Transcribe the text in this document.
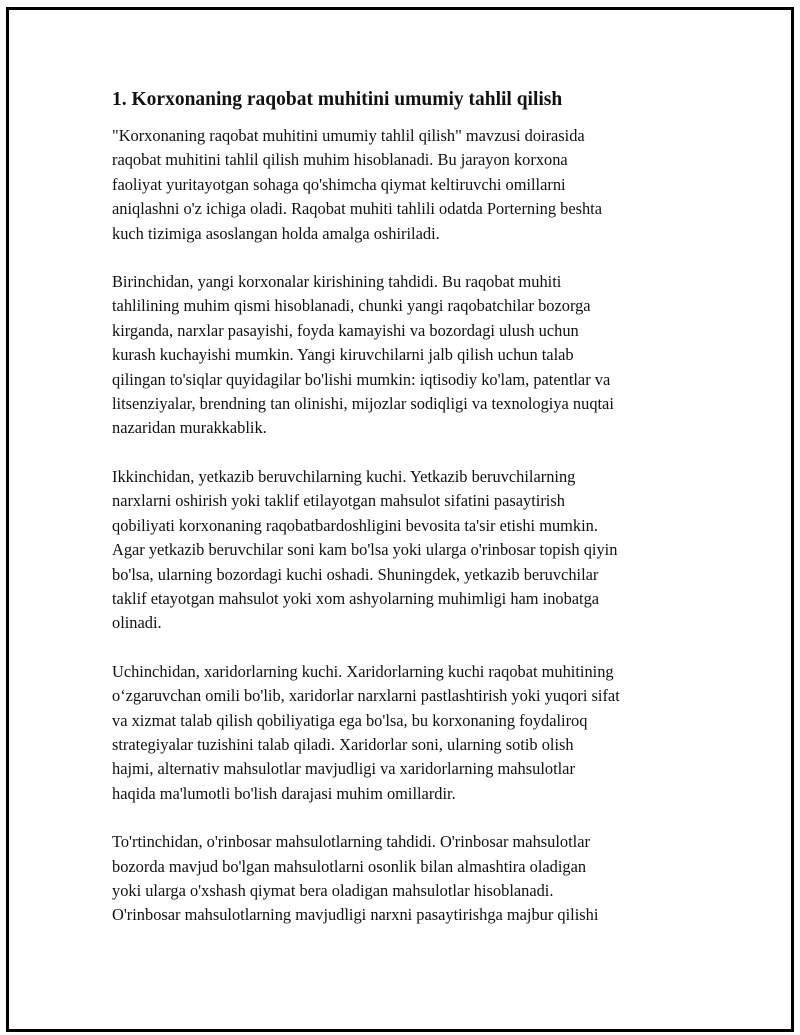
1. Korxonaning raqobat muhitini umumiy tahlil qilish
"Korxonaning raqobat muhitini umumiy tahlil qilish" mavzusi doirasida
raqobat muhitini tahlil qilish muhim hisoblanadi. Bu jarayon korxona
faoliyat yuritayotgan sohaga qo'shimcha qiymat keltiruvchi omillarni
aniqlashni o'z ichiga oladi. Raqobat muhiti tahlili odatda Porterning beshta
kuch tizimiga asoslangan holda amalga oshiriladi.
Birinchidan, yangi korxonalar kirishining tahdidi. Bu raqobat muhiti
tahlilining muhim qismi hisoblanadi, chunki yangi raqobatchilar bozorga
kirganda, narxlar pasayishi, foyda kamayishi va bozordagi ulush uchun
kurash kuchayishi mumkin. Yangi kiruvchilarni jalb qilish uchun talab
qilingan to'siqlar quyidagilar bo'lishi mumkin: iqtisodiy ko'lam, patentlar va
litsenziyalar, brendning tan olinishi, mijozlar sodiqligi va texnologiya nuqtai
nazaridan murakkablik.
Ikkinchidan, yetkazib beruvchilarning kuchi. Yetkazib beruvchilarning
narxlarni oshirish yoki taklif etilayotgan mahsulot sifatini pasaytirish
qobiliyati korxonaning raqobatbardoshligini bevosita ta'sir etishi mumkin.
Agar yetkazib beruvchilar soni kam bo'lsa yoki ularga o'rinbosar topish qiyin
bo'lsa, ularning bozordagi kuchi oshadi. Shuningdek, yetkazib beruvchilar
taklif etayotgan mahsulot yoki xom ashyolarning muhimligi ham inobatga
olinadi.
Uchinchidan, xaridorlarning kuchi. Xaridorlarning kuchi raqobat muhitining
o‘zgaruvchan omili bo'lib, xaridorlar narxlarni pastlashtirish yoki yuqori sifat
va xizmat talab qilish qobiliyatiga ega bo'lsa, bu korxonaning foydaliroq
strategiyalar tuzishini talab qiladi. Xaridorlar soni, ularning sotib olish
hajmi, alternativ mahsulotlar mavjudligi va xaridorlarning mahsulotlar
haqida ma'lumotli bo'lish darajasi muhim omillardir.
To'rtinchidan, o'rinbosar mahsulotlarning tahdidi. O'rinbosar mahsulotlar
bozorda mavjud bo'lgan mahsulotlarni osonlik bilan almashtira oladigan
yoki ularga o'xshash qiymat bera oladigan mahsulotlar hisoblanadi.
O'rinbosar mahsulotlarning mavjudligi narxni pasaytirishga majbur qilishi
